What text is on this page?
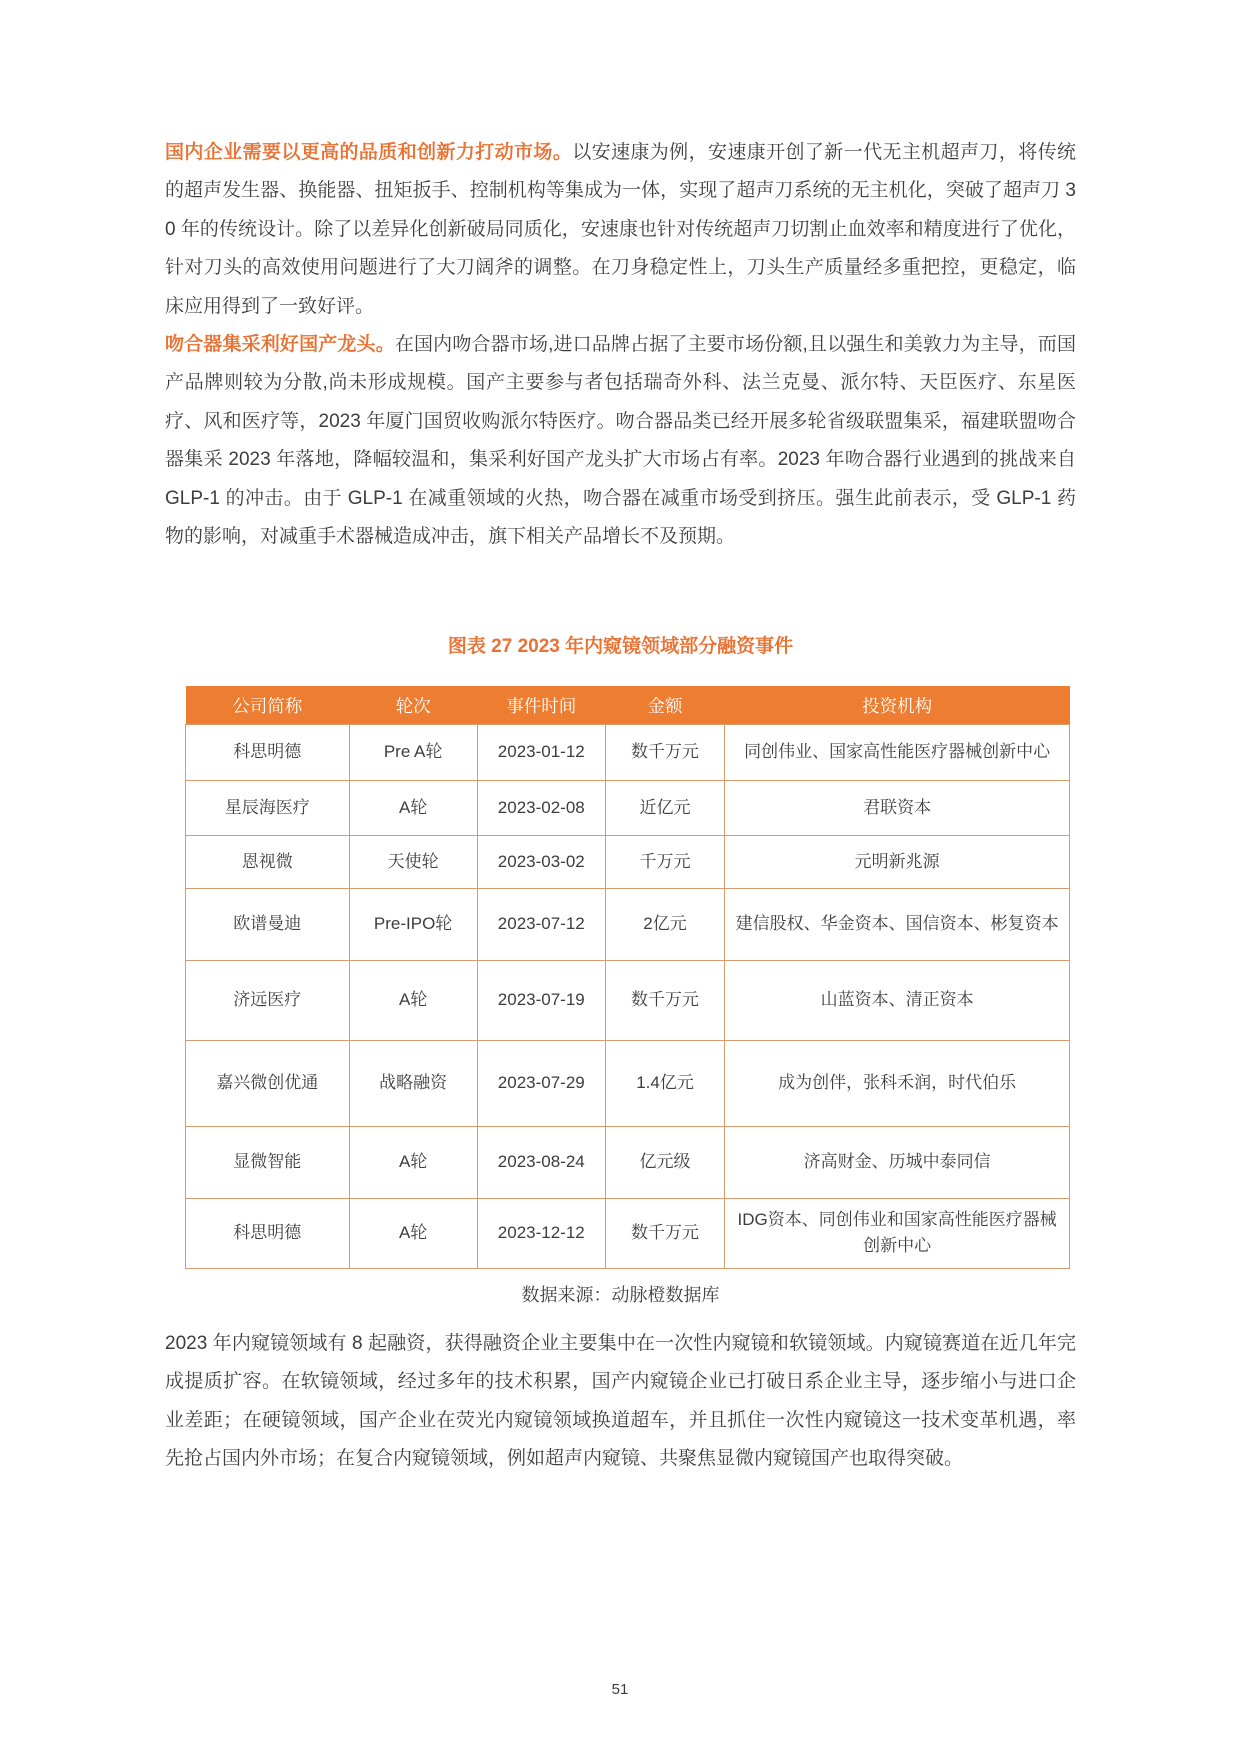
国内企业需要以更高的品质和创新力打动市场。以安速康为例，安速康开创了新一代无主机超声刀，将传统的超声发生器、换能器、扭矩扳手、控制机构等集成为一体，实现了超声刀系统的无主机化，突破了超声刀 30 年的传统设计。除了以差异化创新破局同质化，安速康也针对传统超声刀切割止血效率和精度进行了优化，针对刀头的高效使用问题进行了大刀阔斧的调整。在刀身稳定性上，刀头生产质量经多重把控，更稳定，临床应用得到了一致好评。

吻合器集采利好国产龙头。在国内吻合器市场,进口品牌占据了主要市场份额,且以强生和美敦力为主导，而国产品牌则较为分散,尚未形成规模。国产主要参与者包括瑞奇外科、法兰克曼、派尔特、天臣医疗、东星医疗、风和医疗等，2023 年厦门国贸收购派尔特医疗。吻合器品类已经开展多轮省级联盟集采，福建联盟吻合器集采 2023 年落地，降幅较温和，集采利好国产龙头扩大市场占有率。2023 年吻合器行业遇到的挑战来自 GLP-1 的冲击。由于 GLP-1 在减重领域的火热，吻合器在减重市场受到挤压。强生此前表示，受 GLP-1 药物的影响，对减重手术器械造成冲击，旗下相关产品增长不及预期。

图表 27 2023 年内窥镜领域部分融资事件
公司简称	轮次	事件时间	金额	投资机构
科思明德	Pre A轮	2023-01-12	数千万元	同创伟业、国家高性能医疗器械创新中心
星辰海医疗	A轮	2023-02-08	近亿元	君联资本
恩视微	天使轮	2023-03-02	千万元	元明新兆源
欧谱曼迪	Pre-IPO轮	2023-07-12	2亿元	建信股权、华金资本、国信资本、彬复资本
济远医疗	A轮	2023-07-19	数千万元	山蓝资本、清正资本
嘉兴微创优通	战略融资	2023-07-29	1.4亿元	成为创伴，张科禾润，时代伯乐
显微智能	A轮	2023-08-24	亿元级	济高财金、历城中泰同信
科思明德	A轮	2023-12-12	数千万元	IDG资本、同创伟业和国家高性能医疗器械创新中心
数据来源：动脉橙数据库

2023 年内窥镜领域有 8 起融资，获得融资企业主要集中在一次性内窥镜和软镜领域。内窥镜赛道在近几年完成提质扩容。在软镜领域，经过多年的技术积累，国产内窥镜企业已打破日系企业主导，逐步缩小与进口企业差距；在硬镜领域，国产企业在荧光内窥镜领域换道超车，并且抓住一次性内窥镜这一技术变革机遇，率先抢占国内外市场；在复合内窥镜领域，例如超声内窥镜、共聚焦显微内窥镜国产也取得突破。

51
